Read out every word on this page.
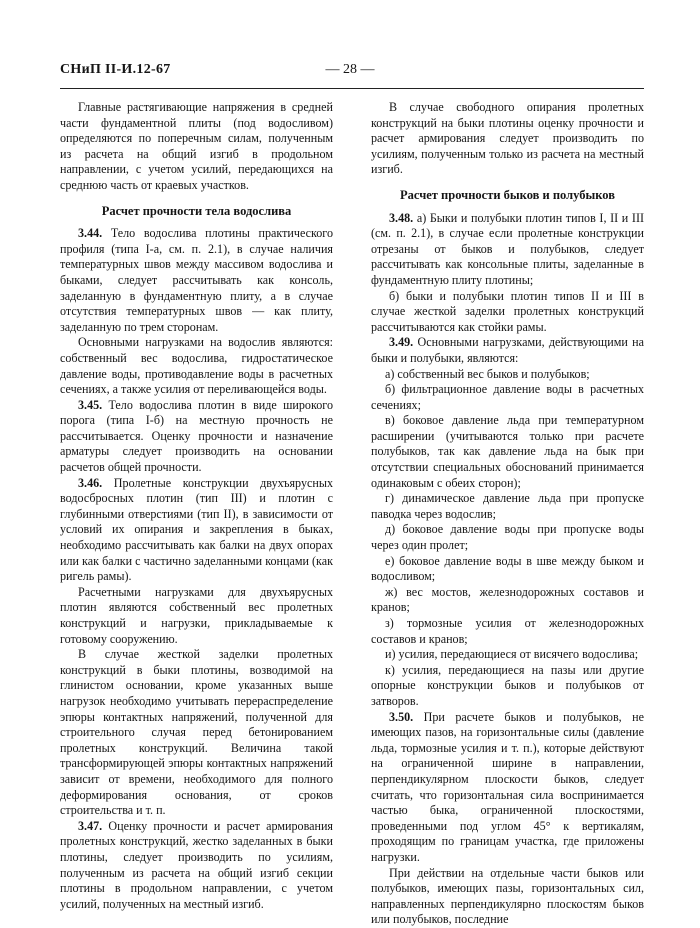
СНиП II-И.12-67	— 28 —

Главные растягивающие напряжения в средней части фундаментной плиты (под водосливом) определяются по поперечным силам, полученным из расчета на общий изгиб в продольном направлении, с учетом усилий, передающихся на среднюю часть от краевых участков.

Расчет прочности тела водослива

3.44. Тело водослива плотины практического профиля (типа I-а, см. п. 2.1), в случае наличия температурных швов между массивом водослива и быками, следует рассчитывать как консоль, заделанную в фундаментную плиту, а в случае отсутствия температурных швов — как плиту, заделанную по трем сторонам.

Основными нагрузками на водослив являются: собственный вес водослива, гидростатическое давление воды, противодавление воды в расчетных сечениях, а также усилия от переливающейся воды.

3.45. Тело водослива плотин в виде широкого порога (типа I-б) на местную прочность не рассчитывается. Оценку прочности и назначение арматуры следует производить на основании расчетов общей прочности.

3.46. Пролетные конструкции двухъярусных водосбросных плотин (тип III) и плотин с глубинными отверстиями (тип II), в зависимости от условий их опирания и закрепления в быках, необходимо рассчитывать как балки на двух опорах или как балки с частично заделанными концами (как ригель рамы).

Расчетными нагрузками для двухъярусных плотин являются собственный вес пролетных конструкций и нагрузки, прикладываемые к готовому сооружению.

В случае жесткой заделки пролетных конструкций в быки плотины, возводимой на глинистом основании, кроме указанных выше нагрузок необходимо учитывать перераспределение эпюры контактных напряжений, полученной для строительного случая перед бетонированием пролетных конструкций. Величина такой трансформирующей эпюры контактных напряжений зависит от времени, необходимого для полного деформирования основания, от сроков строительства и т. п.

3.47. Оценку прочности и расчет армирования пролетных конструкций, жестко заделанных в быки плотины, следует производить по усилиям, полученным из расчета на общий изгиб секции плотины в продольном направлении, с учетом усилий, полученных на местный изгиб.

В случае свободного опирания пролетных конструкций на быки плотины оценку прочности и расчет армирования следует производить по усилиям, полученным только из расчета на местный изгиб.

Расчет прочности быков и полубыков

3.48. а) Быки и полубыки плотин типов I, II и III (см. п. 2.1), в случае если пролетные конструкции отрезаны от быков и полубыков, следует рассчитывать как консольные плиты, заделанные в фундаментную плиту плотины;

б) быки и полубыки плотин типов II и III в случае жесткой заделки пролетных конструкций рассчитываются как стойки рамы.

3.49. Основными нагрузками, действующими на быки и полубыки, являются:

а) собственный вес быков и полубыков;

б) фильтрационное давление воды в расчетных сечениях;

в) боковое давление льда при температурном расширении (учитываются только при расчете полубыков, так как давление льда на бык при отсутствии специальных обоснований принимается одинаковым с обеих сторон);

г) динамическое давление льда при пропуске паводка через водослив;

д) боковое давление воды при пропуске воды через один пролет;

е) боковое давление воды в шве между быком и водосливом;

ж) вес мостов, железнодорожных составов и кранов;

з) тормозные усилия от железнодорожных составов и кранов;

и) усилия, передающиеся от висячего водослива;

к) усилия, передающиеся на пазы или другие опорные конструкции быков и полубыков от затворов.

3.50. При расчете быков и полубыков, не имеющих пазов, на горизонтальные силы (давление льда, тормозные усилия и т. п.), которые действуют на ограниченной ширине в направлении, перпендикулярном плоскости быков, следует считать, что горизонтальная сила воспринимается частью быка, ограниченной плоскостями, проведенными под углом 45° к вертикалям, проходящим по границам участка, где приложены нагрузки.

При действии на отдельные части быков или полубыков, имеющих пазы, горизонтальных сил, направленных перпендикулярно плоскостям быков или полубыков, последние
